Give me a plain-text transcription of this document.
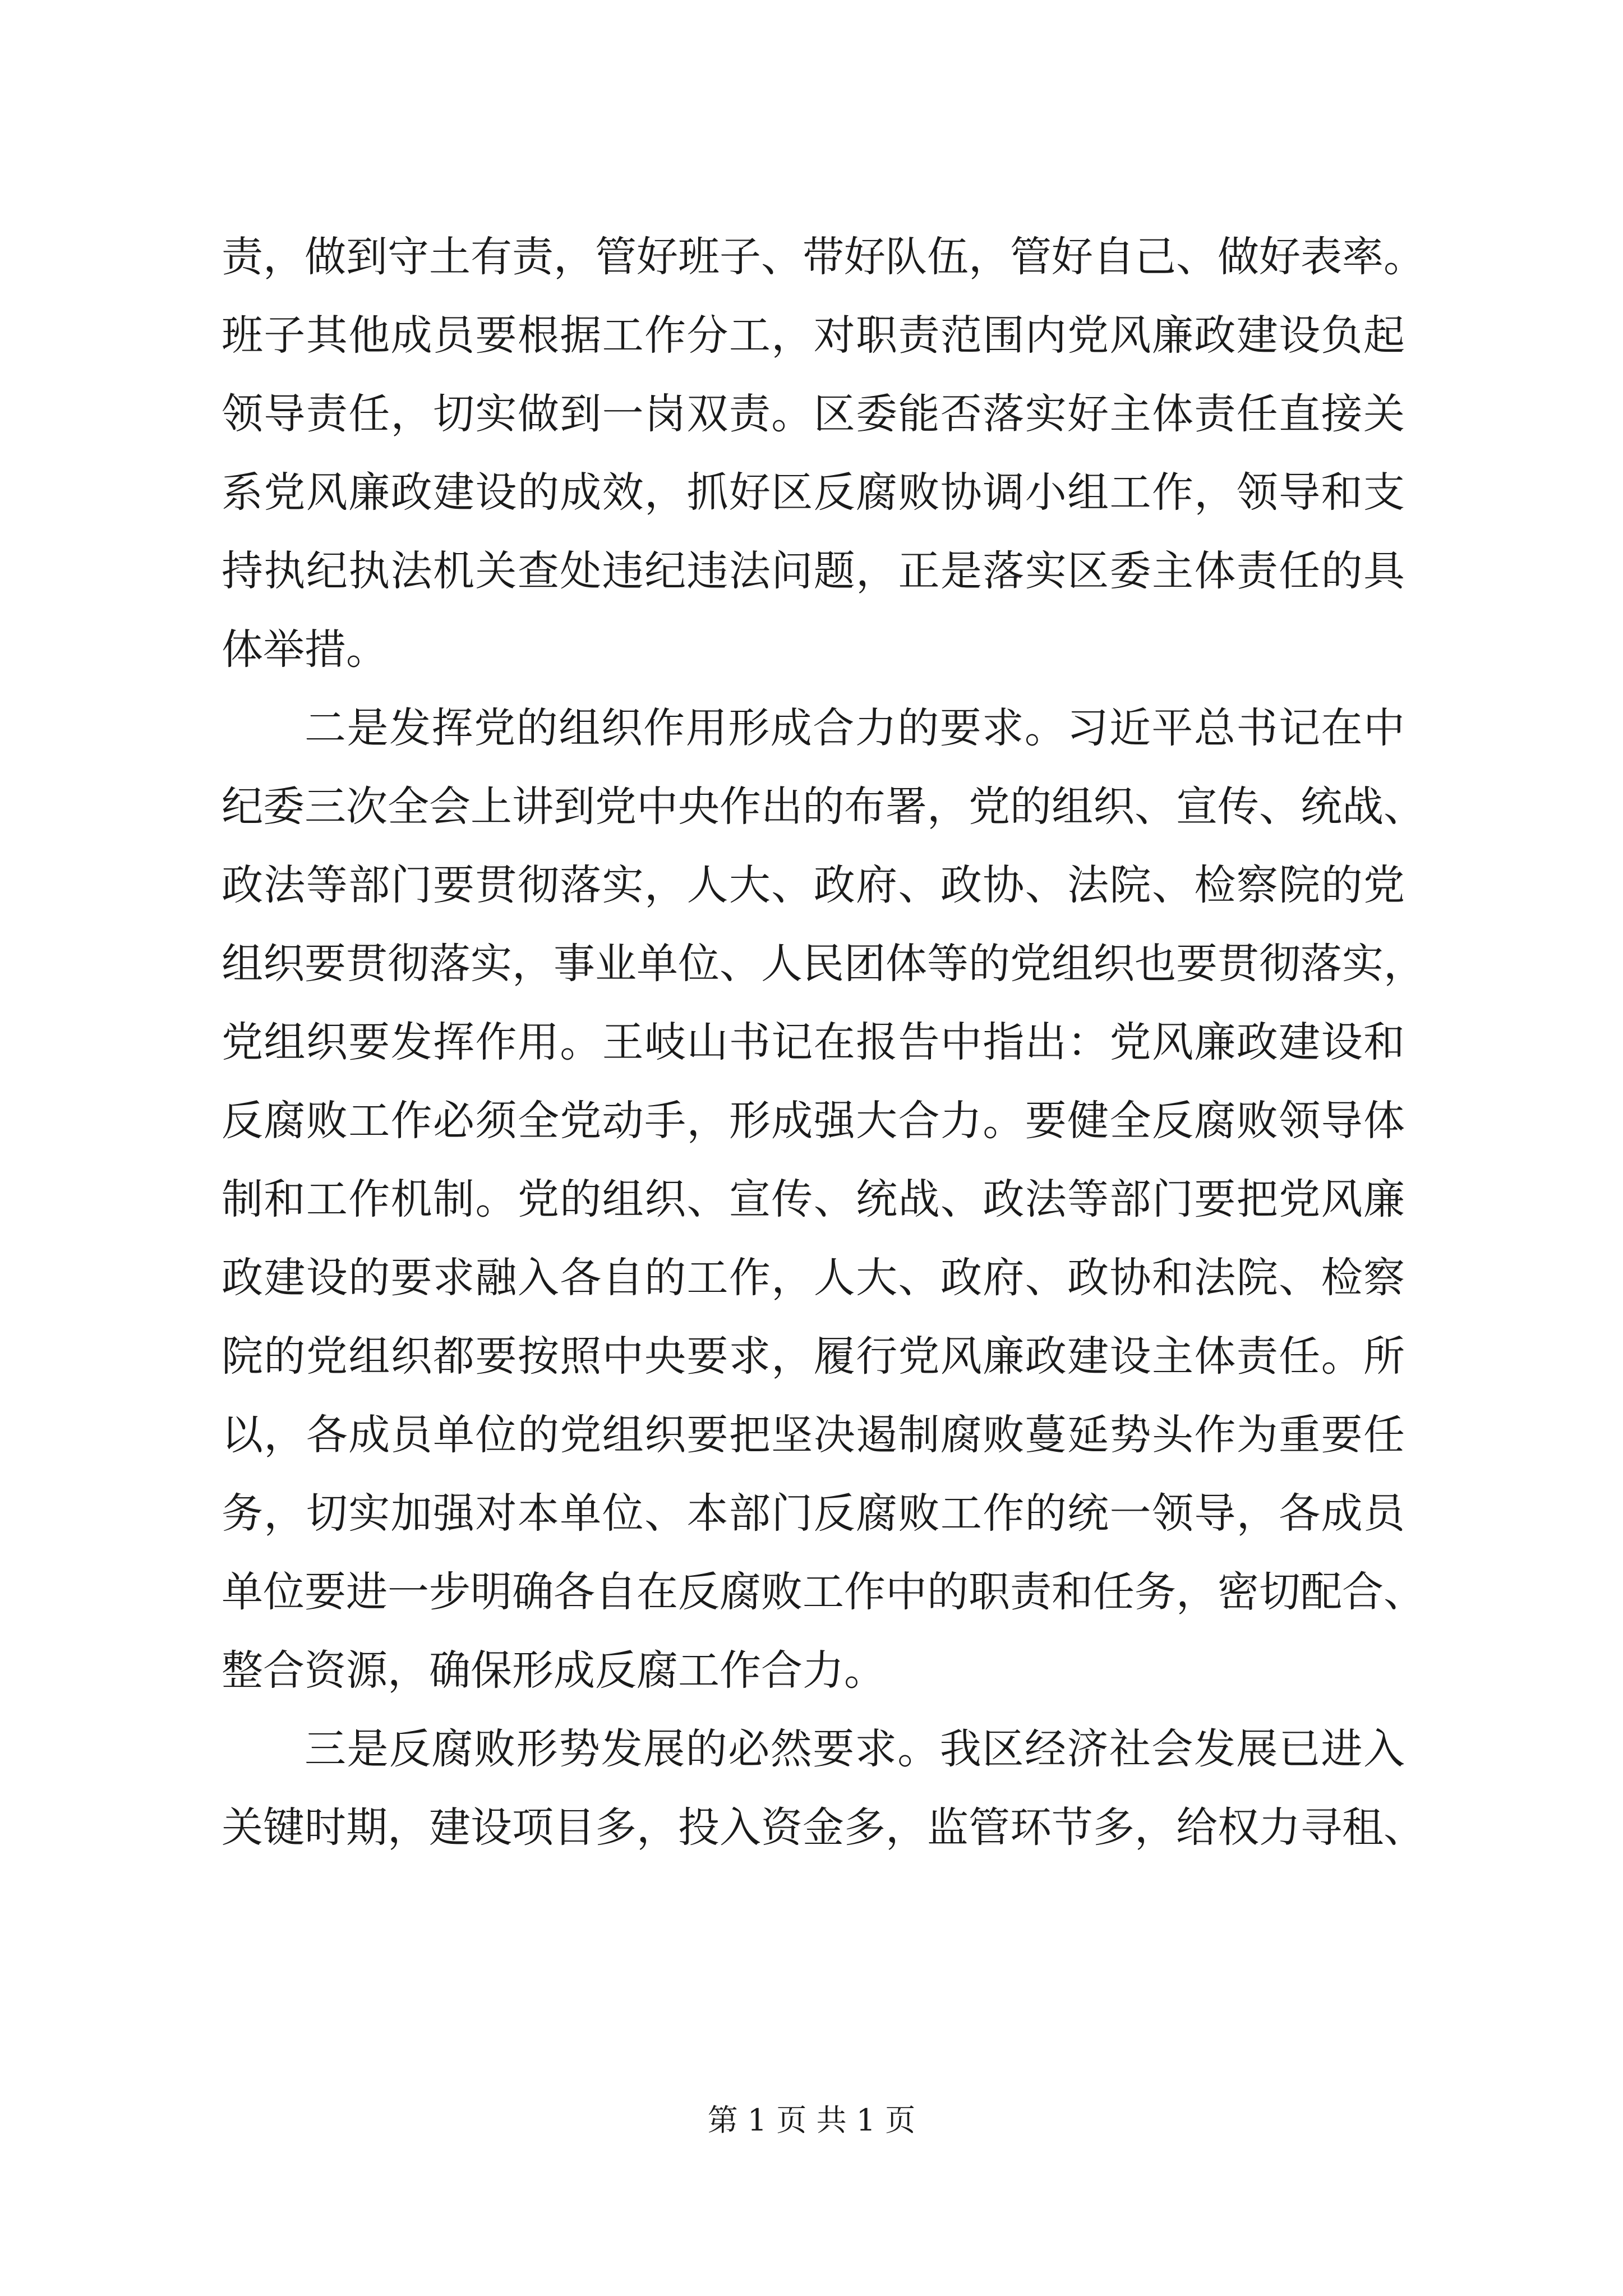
责，做到守土有责，管好班子、带好队伍，管好自己、做好表率。
班子其他成员要根据工作分工，对职责范围内党风廉政建设负起
领导责任，切实做到一岗双责。区委能否落实好主体责任直接关
系党风廉政建设的成效，抓好区反腐败协调小组工作，领导和支
持执纪执法机关查处违纪违法问题，正是落实区委主体责任的具
体举措。
二是发挥党的组织作用形成合力的要求。习近平总书记在中
纪委三次全会上讲到党中央作出的布署，党的组织、宣传、统战、
政法等部门要贯彻落实，人大、政府、政协、法院、检察院的党
组织要贯彻落实，事业单位、人民团体等的党组织也要贯彻落实，
党组织要发挥作用。王岐山书记在报告中指出：党风廉政建设和
反腐败工作必须全党动手，形成强大合力。要健全反腐败领导体
制和工作机制。党的组织、宣传、统战、政法等部门要把党风廉
政建设的要求融入各自的工作，人大、政府、政协和法院、检察
院的党组织都要按照中央要求，履行党风廉政建设主体责任。所
以，各成员单位的党组织要把坚决遏制腐败蔓延势头作为重要任
务，切实加强对本单位、本部门反腐败工作的统一领导，各成员
单位要进一步明确各自在反腐败工作中的职责和任务，密切配合、
整合资源，确保形成反腐工作合力。
三是反腐败形势发展的必然要求。我区经济社会发展已进入
关键时期，建设项目多，投入资金多，监管环节多，给权力寻租、
第 1 页 共 1 页
